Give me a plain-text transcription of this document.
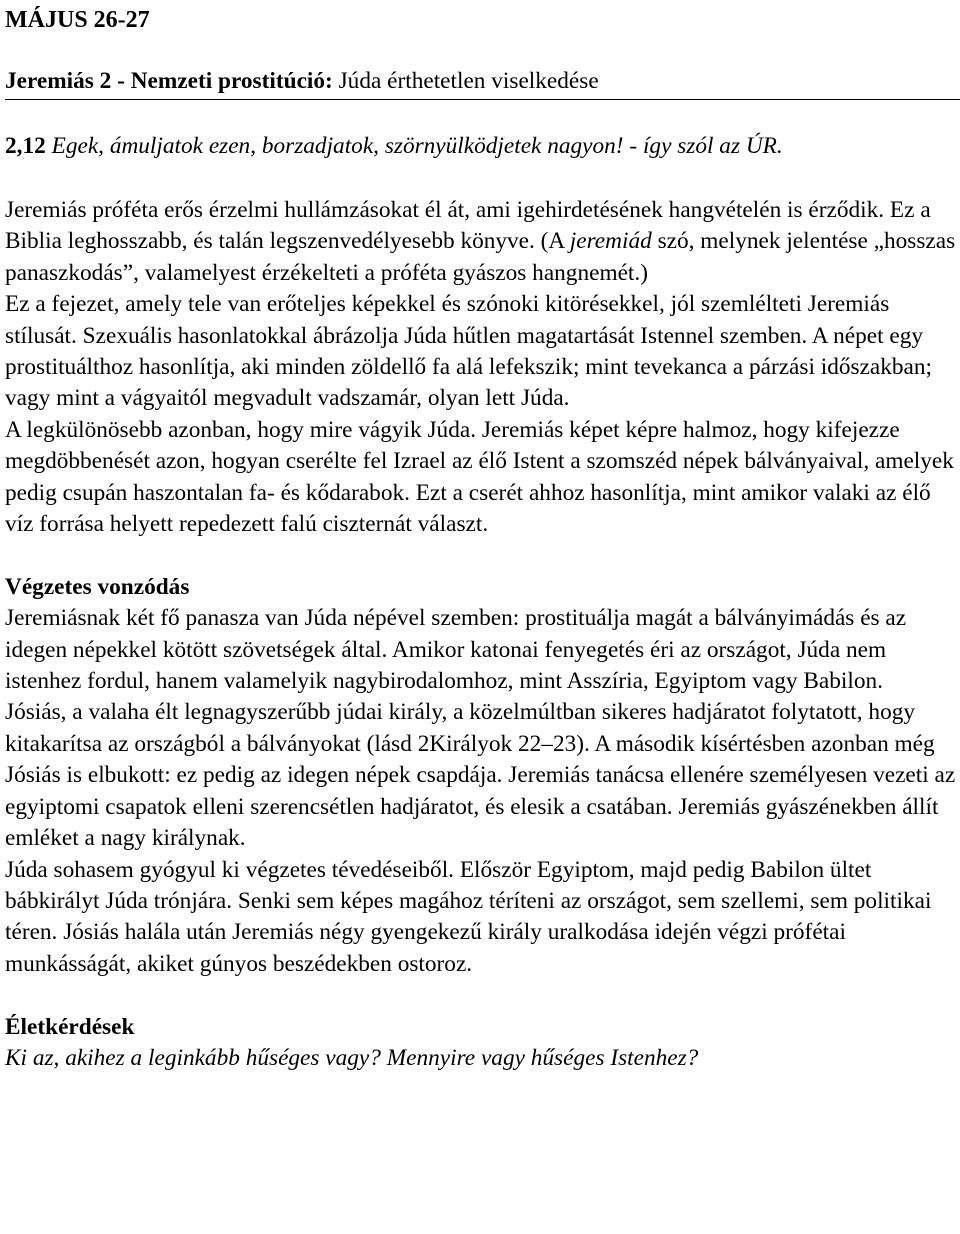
MÁJUS 26-27
Jeremiás 2 - Nemzeti prostitúció: Júda érthetetlen viselkedése
2,12 Egek, ámuljatok ezen, borzadjatok, szörnyülködjetek nagyon! - így szól az ÚR.

Jeremiás próféta erős érzelmi hullámzásokat él át, ami igehirdetésének hangvételén is érződik. Ez a Biblia leghosszabb, és talán legszenvedélyesebb könyve. (A jeremiád szó, melynek jelentése „hosszas panaszkodás”, valamelyest érzékelteti a próféta gyászos hangnemét.)

Ez a fejezet, amely tele van erőteljes képekkel és szónoki kitörésekkel, jól szemlélteti Jeremiás stílusát. Szexuális hasonlatokkal ábrázolja Júda hűtlen magatartását Istennel szemben. A népet egy prostituálthoz hasonlítja, aki minden zöldellő fa alá lefekszik; mint tevekanca a párzási időszakban; vagy mint a vágyaitól megvadult vadszamár, olyan lett Júda.

A legkülönösebb azonban, hogy mire vágyik Júda. Jeremiás képet képre halmoz, hogy kifejezze megdöbbenését azon, hogyan cserélte fel Izrael az élő Istent a szomszéd népek bálványaival, amelyek pedig csupán haszontalan fa- és kődarabok. Ezt a cserét ahhoz hasonlítja, mint amikor valaki az élő víz forrása helyett repedezett falú ciszternát választ.

Végzetes vonzódás

Jeremiásnak két fő panasza van Júda népével szemben: prostituálja magát a bálványimádás és az idegen népekkel kötött szövetségek által. Amikor katonai fenyegetés éri az országot, Júda nem istenhez fordul, hanem valamelyik nagybirodalomhoz, mint Asszíria, Egyiptom vagy Babilon.

Jósiás, a valaha élt legnagyszerűbb júdai király, a közelmúltban sikeres hadjáratot folytatott, hogy kitakarítsa az országból a bálványokat (lásd 2Királyok 22–23). A második kísértésben azonban még Jósiás is elbukott: ez pedig az idegen népek csapdája. Jeremiás tanácsa ellenére személyesen vezeti az egyiptomi csapatok elleni szerencsétlen hadjáratot, és elesik a csatában. Jeremiás gyászénekben állít emléket a nagy királynak.

Júda sohasem gyógyul ki végzetes tévedéseiből. Először Egyiptom, majd pedig Babilon ültet bábkirályt Júda trónjára. Senki sem képes magához téríteni az országot, sem szellemi, sem politikai téren. Jósiás halála után Jeremiás négy gyengekezű király uralkodása idején végzi prófétai munkásságát, akiket gúnyos beszédekben ostoroz.

Életkérdések

Ki az, akihez a leginkább hűséges vagy? Mennyire vagy hűséges Istenhez?
